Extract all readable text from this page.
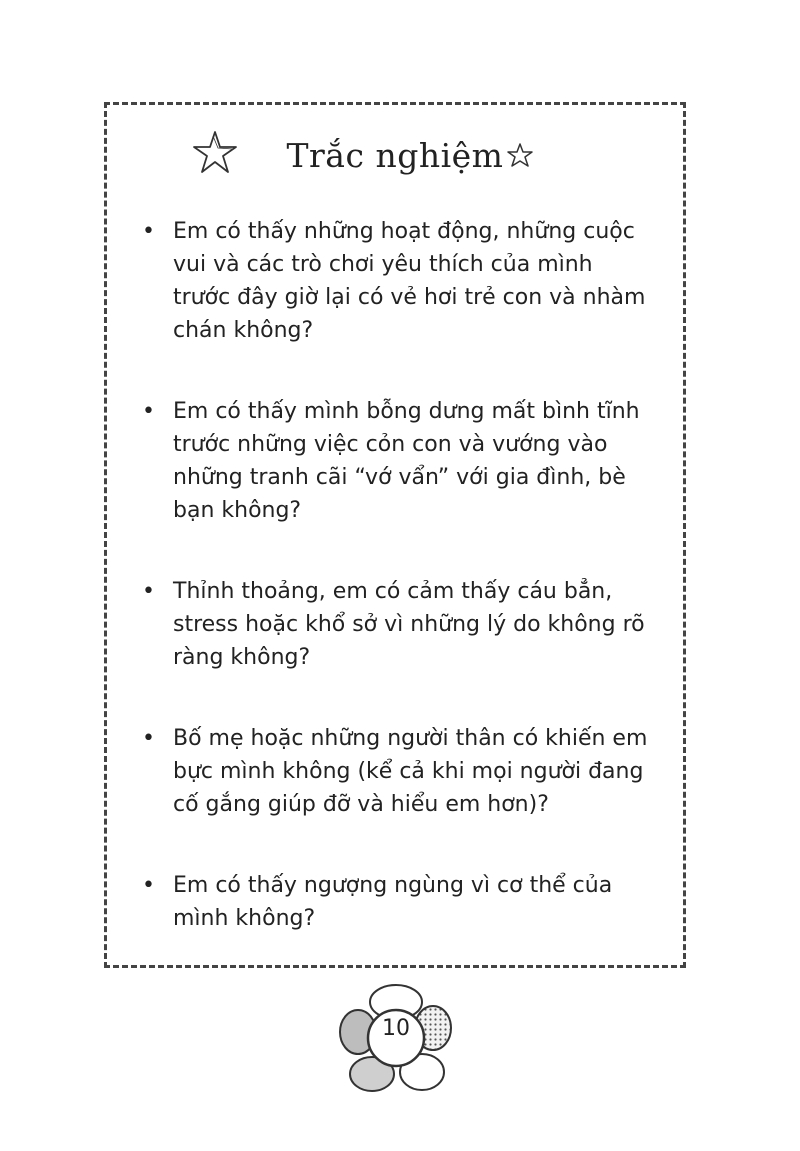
Trắc nghiệm
• Em có thấy những hoạt động, những cuộc vui và các trò chơi yêu thích của mình trước đây giờ lại có vẻ hơi trẻ con và nhàm chán không?
• Em có thấy mình bỗng dưng mất bình tĩnh trước những việc cỏn con và vướng vào những tranh cãi “vớ vẩn” với gia đình, bè bạn không?
• Thỉnh thoảng, em có cảm thấy cáu bẳn, stress hoặc khổ sở vì những lý do không rõ ràng không?
• Bố mẹ hoặc những người thân có khiến em bực mình không (kể cả khi mọi người đang cố gắng giúp đỡ và hiểu em hơn)?
• Em có thấy ngượng ngùng vì cơ thể của mình không?
10
